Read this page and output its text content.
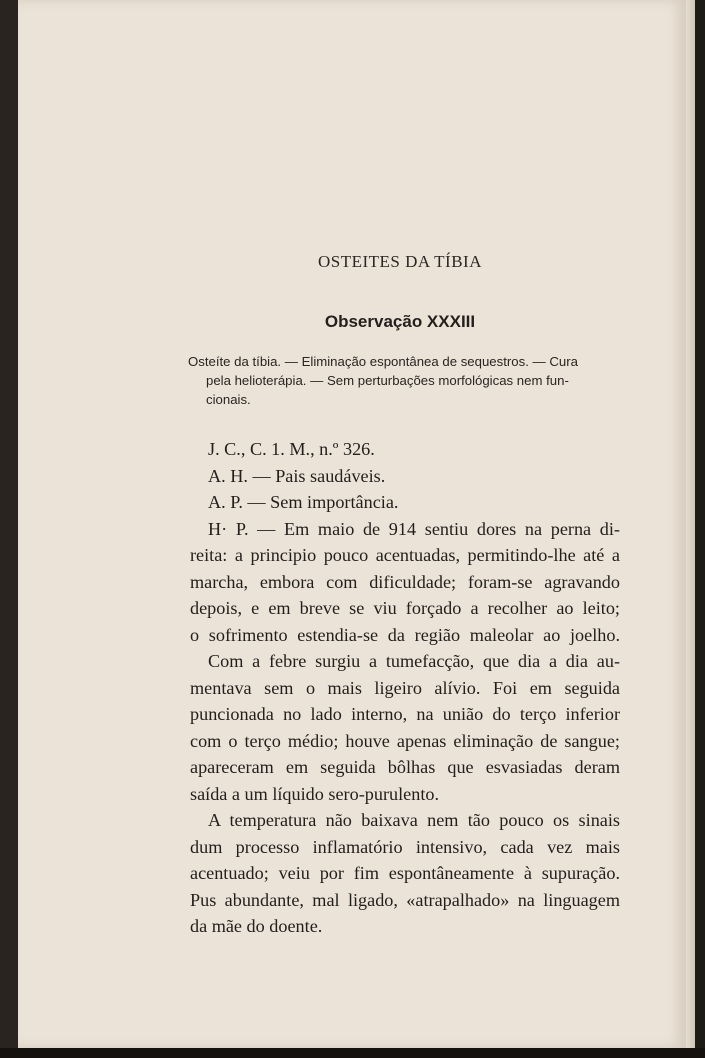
OSTEITES DA TÍBIA
Observação XXXIII
Osteíte da tíbia. — Eliminação espontânea de sequestros. — Cura
pela helioterápia. — Sem perturbações morfológicas nem fun-
cionais.
J. C., C. 1. M., n.º 326.
A. H. — Pais saudáveis.
A. P. — Sem importância.
H· P. — Em maio de 914 sentiu dores na perna di-
reita: a principio pouco acentuadas, permitindo-lhe até a
marcha, embora com dificuldade; foram-se agravando
depois, e em breve se viu forçado a recolher ao leito;
o sofrimento estendia-se da região maleolar ao joelho.
Com a febre surgiu a tumefacção, que dia a dia au-
mentava sem o mais ligeiro alívio. Foi em seguida
puncionada no lado interno, na união do terço inferior
com o terço médio; houve apenas eliminação de sangue;
apareceram em seguida bôlhas que esvasiadas deram
saída a um líquido sero-purulento.
A temperatura não baixava nem tão pouco os sinais
dum processo inflamatório intensivo, cada vez mais
acentuado; veiu por fim espontâneamente à supuração.
Pus abundante, mal ligado, «atrapalhado» na linguagem
da mãe do doente.
